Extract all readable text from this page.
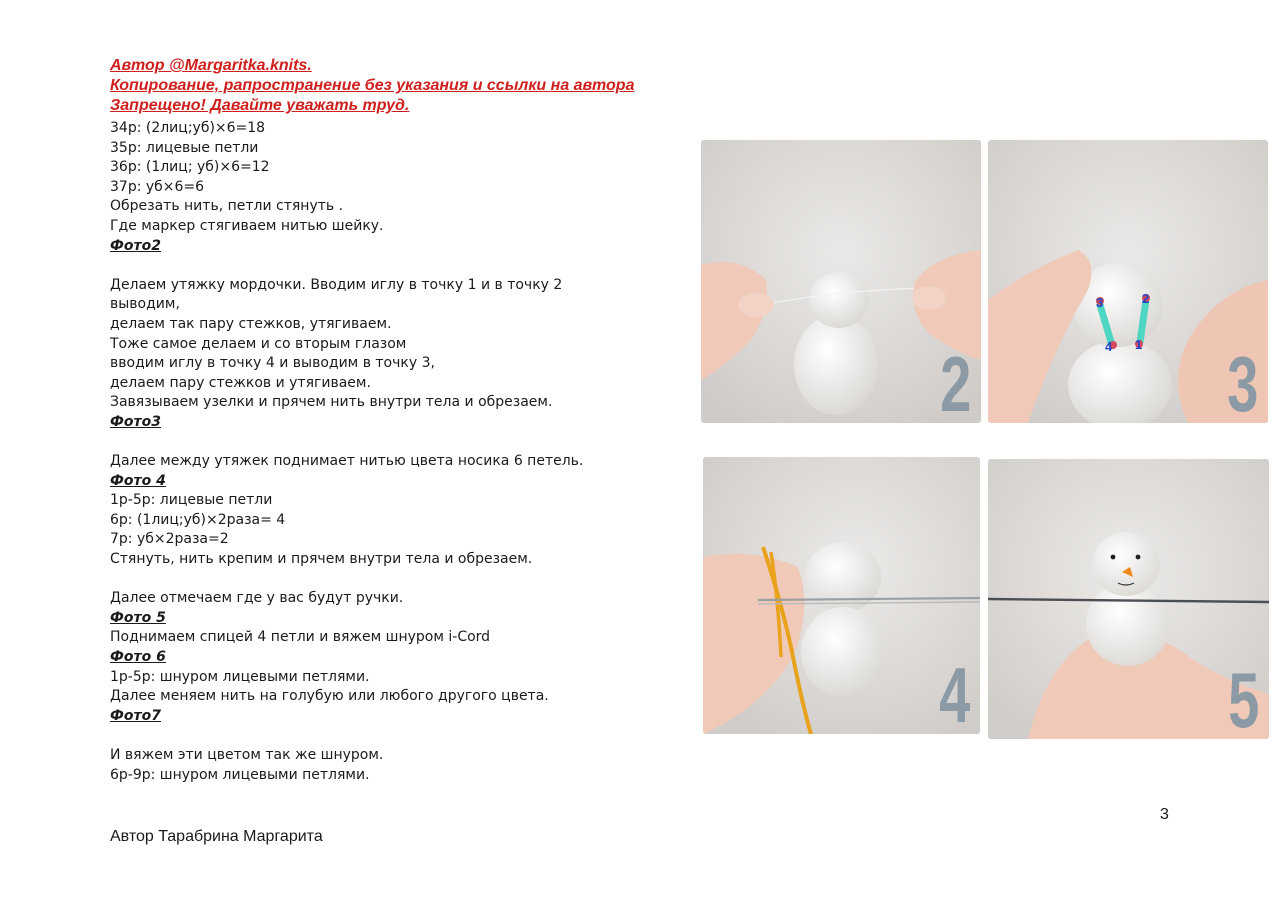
Автор @Margaritka.knits.
Копирование, рапространение без указания и ссылки на автора
Запрещено! Давайте уважать труд.
34р: (2лиц;уб)×6=18
35р: лицевые петли
36р: (1лиц; уб)×6=12
37р: уб×6=6
Обрезать нить, петли стянуть .
Где маркер стягиваем нитью шейку.
Фото2
Делаем утяжку мордочки. Вводим иглу в точку 1 и в точку 2
выводим,
делаем так пару стежков, утягиваем.
Тоже самое делаем и со вторым глазом
вводим иглу в точку 4 и выводим в точку 3,
делаем пару стежков и утягиваем.
Завязываем узелки и прячем нить внутри тела и обрезаем.
Фото3
Далее между утяжек поднимает нитью цвета носика 6 петель.
Фото 4
1р-5р: лицевые петли
6р: (1лиц;уб)×2раза= 4
7р: уб×2раза=2
Стянуть, нить крепим и прячем внутри тела и обрезаем.
Далее отмечаем где у вас будут ручки.
Фото 5
Поднимаем спицей 4 петли и вяжем шнуром i-Cord
Фото 6
1р-5р: шнуром лицевыми петлями.
Далее меняем нить на голубую или любого другого цвета.
Фото7
И вяжем эти цветом так же шнуром.
6р-9р: шнуром лицевыми петлями.
2
3	2
4 1 3
4	5
3
Автор Тарабрина Маргарита
